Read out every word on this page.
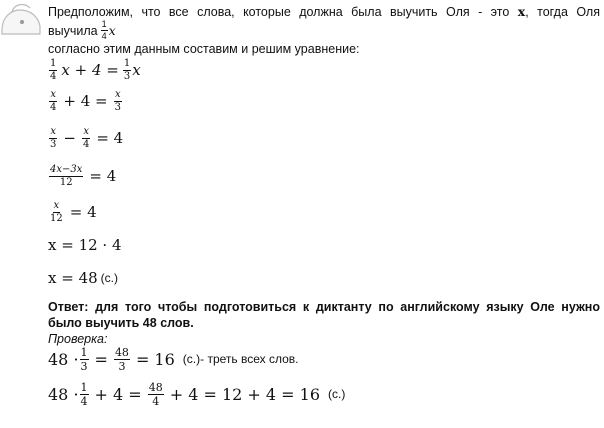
Предположим, что все слова, которые должна была выучить Оля - это x, тогда Оля
выучила $\frac{1}{4}$ x
согласно этим данным составим и решим уравнение:
$\frac{1}{4}$ $x + 4 = \frac{1}{3}$ x
$\frac{x}{4} + 4 = \frac{x}{3}$
$\frac{x}{3} - \frac{x}{4} = 4$
$\frac{4x-3x}{12} = 4$
$\frac{x}{12} = 4$
x = 12 · 4
x = 48 (с.)
Ответ: для того чтобы подготовиться к диктанту по английскому языку Оле нужно
было выучить 48 слов.
Проверка:
$48 \cdot \frac{1}{3} = \frac{48}{3} = 16$ (с.) - треть всех слов.
$48 \cdot \frac{1}{4} + 4 = \frac{48}{4} + 4 = 12 + 4 = 16$ (с.)
